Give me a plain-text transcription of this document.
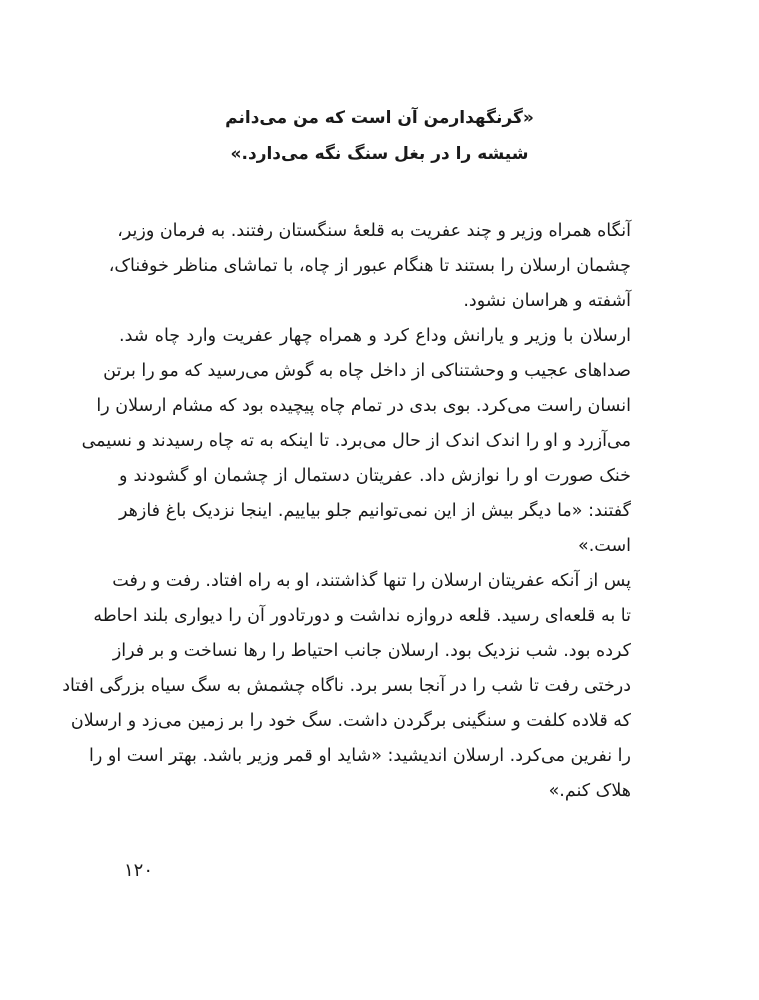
«گرنگهدارمن آن است که من می‌دانم
شیشه را در بغل سنگ نگه می‌دارد.»
آنگاه همراه وزیر و چند عفریت به قلعهٔ سنگستان رفتند. به فرمان وزیر،
چشمان ارسلان را بستند تا هنگام عبور از چاه، با تماشای مناظر خوفناک،
آشفته و هراسان نشود.
ارسلان با وزیر و یارانش وداع کرد و همراه چهار عفریت وارد چاه شد.
صداهای عجیب و وحشتناکی از داخل چاه به گوش می‌رسید که مو را برتن
انسان راست می‌کرد. بوی بدی در تمام چاه پیچیده بود که مشام ارسلان را
می‌آزرد و او را اندک اندک از حال می‌برد. تا اینکه به ته چاه رسیدند و نسیمی
خنک صورت او را نوازش داد. عفریتان دستمال از چشمان او گشودند و
گفتند: «ما دیگر بیش از این نمی‌توانیم جلو بیاییم. اینجا نزدیک باغ فازهر
است.»
پس از آنکه عفریتان ارسلان را تنها گذاشتند، او به راه افتاد. رفت و رفت
تا به قلعه‌ای رسید. قلعه دروازه نداشت و دورتادور آن را دیواری بلند احاطه
کرده بود. شب نزدیک بود. ارسلان جانب احتیاط را رها نساخت و بر فراز
درختی رفت تا شب را در آنجا بسر برد. ناگاه چشمش به سگ سیاه بزرگی افتاد
که قلاده کلفت و سنگینی برگردن داشت. سگ خود را بر زمین می‌زد و ارسلان
را نفرین می‌کرد. ارسلان اندیشید: «شاید او قمر وزیر باشد. بهتر است او را
هلاک کنم.»
۱۲۰
